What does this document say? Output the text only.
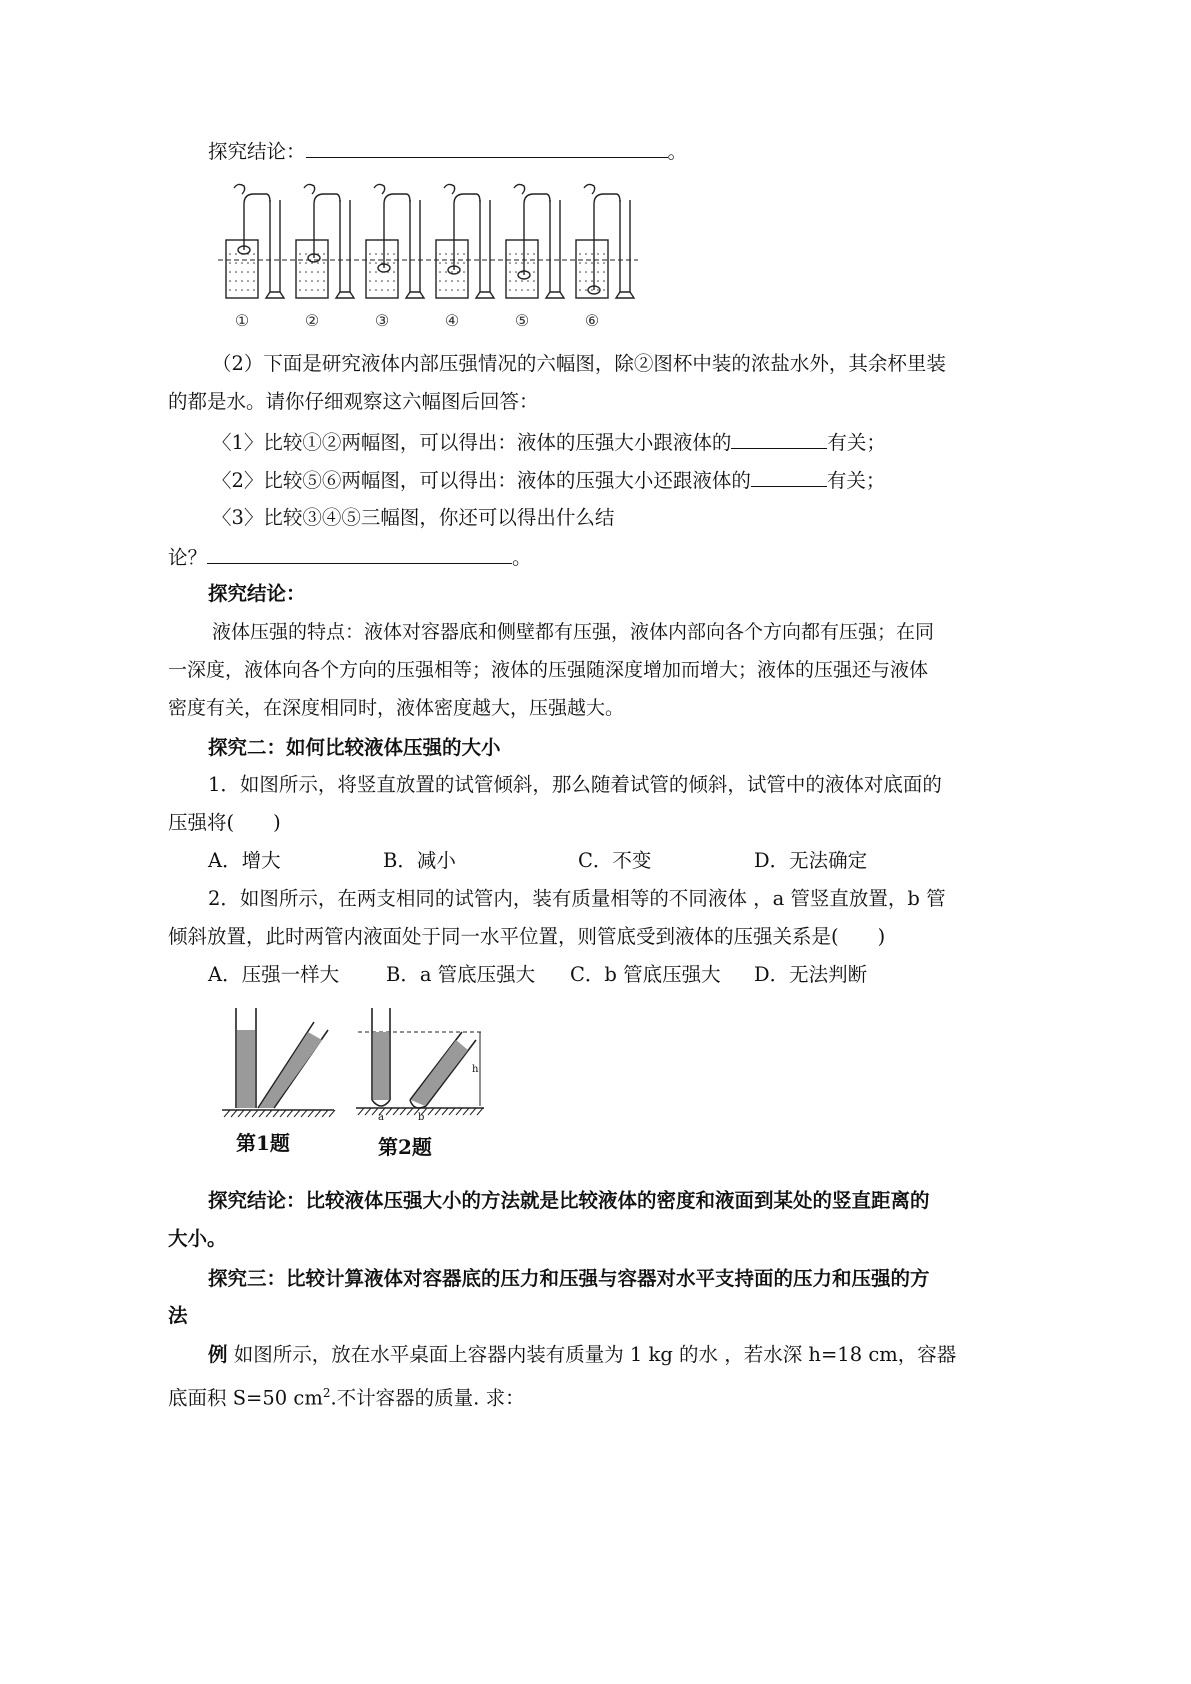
探究结论：	。
①	②	③	④	⑤	⑥
（2）下面是研究液体内部压强情况的六幅图，除②图杯中装的浓盐水外，其余杯里装
的都是水。请你仔细观察这六幅图后回答：
〈1〉比较①②两幅图，可以得出：液体的压强大小跟液体的	有关；
〈2〉比较⑤⑥两幅图，可以得出：液体的压强大小还跟液体的	有关；
〈3〉比较③④⑤三幅图，你还可以得出什么结
论？	。
探究结论：
液体压强的特点：液体对容器底和侧壁都有压强，液体内部向各个方向都有压强；在同
一深度，液体向各个方向的压强相等；液体的压强随深度增加而增大；液体的压强还与液体
密度有关，在深度相同时，液体密度越大，压强越大。
探究二：如何比较液体压强的大小
1．如图所示，将竖直放置的试管倾斜，那么随着试管的倾斜，试管中的液体对底面的
压强将(　　)
A．增大	B．减小	C．不变	D．无法确定
2．如图所示，在两支相同的试管内，装有质量相等的不同液体 ，a 管竖直放置，b 管
倾斜放置，此时两管内液面处于同一水平位置，则管底受到液体的压强关系是(　　)
A．压强一样大 B．a 管底压强大 C．b 管底压强大 D．无法判断
第1题
a	b
h
第2题
探究结论：比较液体压强大小的方法就是比较液体的密度和液面到某处的竖直距离的
大小。
探究三：比较计算液体对容器底的压力和压强与容器对水平支持面的压力和压强的方
法
例 如图所示，放在水平桌面上容器内装有质量为 1 kg 的水 ，若水深 h=18 cm，容器
底面积 S=50 $cm^2$.不计容器的质量. 求：
